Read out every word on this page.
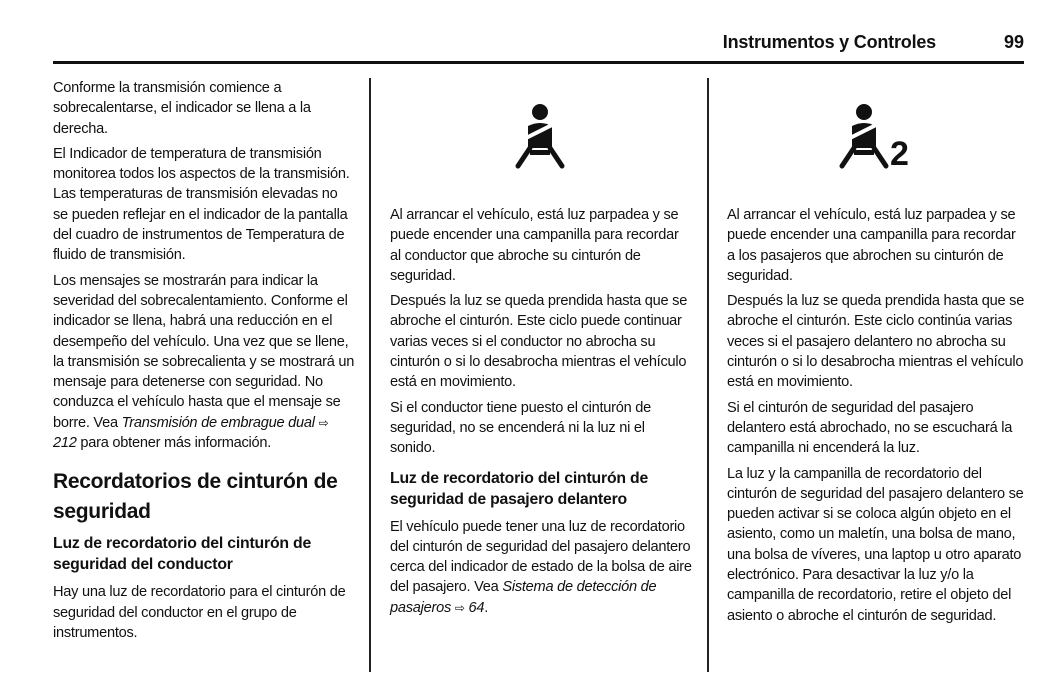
Instrumentos y Controles	99

Conforme la transmisión comience a sobrecalentarse, el indicador se llena a la derecha.

El Indicador de temperatura de transmisión monitorea todos los aspectos de la transmisión. Las temperaturas de transmisión elevadas no se pueden reflejar en el indicador de la pantalla del cuadro de instrumentos de Temperatura de fluido de transmisión.

Los mensajes se mostrarán para indicar la severidad del sobrecalentamiento. Conforme el indicador se llena, habrá una reducción en el desempeño del vehículo. Una vez que se llene, la transmisión se sobrecalienta y se mostrará un mensaje para detenerse con seguridad. No conduzca el vehículo hasta que el mensaje se borre. Vea Transmisión de embrague dual ⇨ 212 para obtener más información.

Recordatorios de cinturón de seguridad
Luz de recordatorio del cinturón de seguridad del conductor

Hay una luz de recordatorio para el cinturón de seguridad del conductor en el grupo de instrumentos.

Al arrancar el vehículo, está luz parpadea y se puede encender una campanilla para recordar al conductor que abroche su cinturón de seguridad.

Después la luz se queda prendida hasta que se abroche el cinturón. Este ciclo puede continuar varias veces si el conductor no abrocha su cinturón o si lo desabrocha mientras el vehículo está en movimiento.

Si el conductor tiene puesto el cinturón de seguridad, no se encenderá ni la luz ni el sonido.

Luz de recordatorio del cinturón de seguridad de pasajero delantero

El vehículo puede tener una luz de recordatorio del cinturón de seguridad del pasajero delantero cerca del indicador de estado de la bolsa de aire del pasajero. Vea Sistema de detección de pasajeros ⇨ 64.

2

Al arrancar el vehículo, está luz parpadea y se puede encender una campanilla para recordar a los pasajeros que abrochen su cinturón de seguridad.

Después la luz se queda prendida hasta que se abroche el cinturón. Este ciclo continúa varias veces si el pasajero delantero no abrocha su cinturón o si lo desabrocha mientras el vehículo está en movimiento.

Si el cinturón de seguridad del pasajero delantero está abrochado, no se escuchará la campanilla ni encenderá la luz.

La luz y la campanilla de recordatorio del cinturón de seguridad del pasajero delantero se pueden activar si se coloca algún objeto en el asiento, como un maletín, una bolsa de mano, una bolsa de víveres, una laptop u otro aparato electrónico. Para desactivar la luz y/o la campanilla de recordatorio, retire el objeto del asiento o abroche el cinturón de seguridad.
